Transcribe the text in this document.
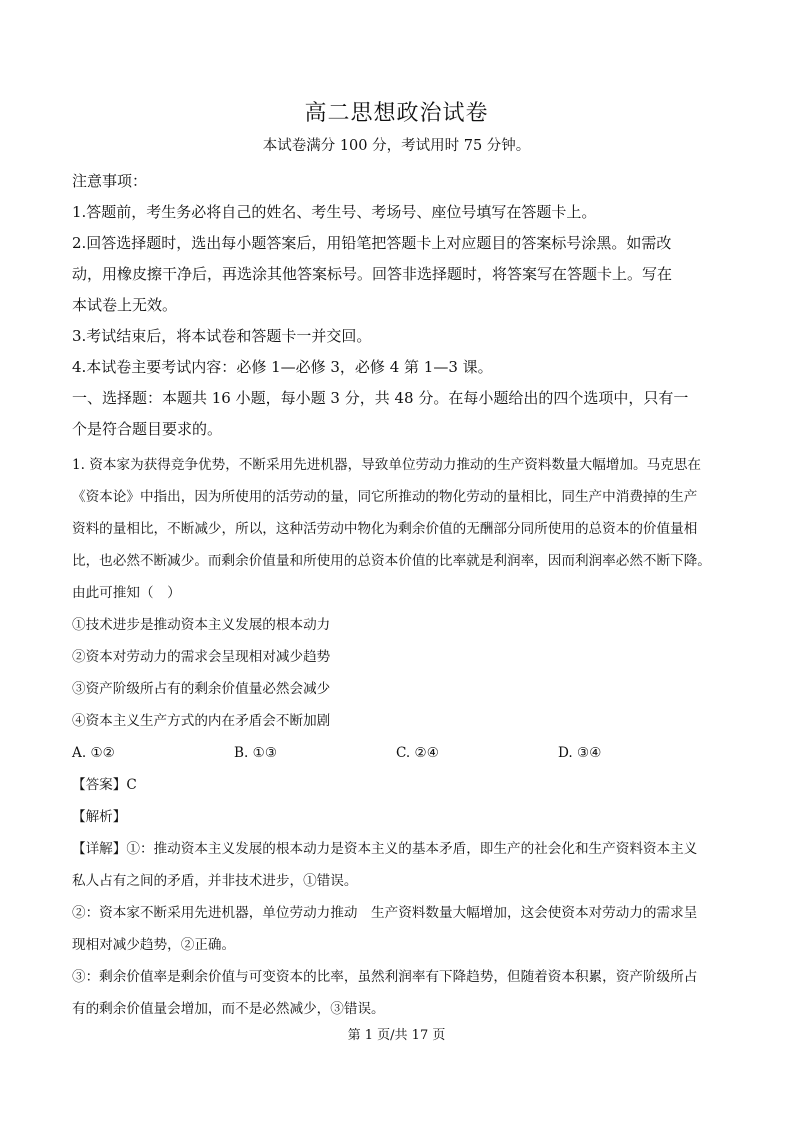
高二思想政治试卷
本试卷满分 100 分，考试用时 75 分钟。
注意事项：
1.答题前，考生务必将自己的姓名、考生号、考场号、座位号填写在答题卡上。
2.回答选择题时，选出每小题答案后，用铅笔把答题卡上对应题目的答案标号涂黑。如需改
动，用橡皮擦干净后，再选涂其他答案标号。回答非选择题时，将答案写在答题卡上。写在
本试卷上无效。
3.考试结束后，将本试卷和答题卡一并交回。
4.本试卷主要考试内容：必修 1—必修 3，必修 4 第 1—3 课。
一、选择题：本题共 16 小题，每小题 3 分，共 48 分。在每小题给出的四个选项中，只有一
个是符合题目要求的。
1. 资本家为获得竞争优势，不断采用先进机器，导致单位劳动力推动的生产资料数量大幅增加。马克思在
《资本论》中指出，因为所使用的活劳动的量，同它所推动的物化劳动的量相比，同生产中消费掉的生产
资料的量相比，不断减少，所以，这种活劳动中物化为剩余价值的无酬部分同所使用的总资本的价值量相
比，也必然不断减少。而剩余价值量和所使用的总资本价值的比率就是利润率，因而利润率必然不断下降。
由此可推知（　）
①技术进步是推动资本主义发展的根本动力
②资本对劳动力的需求会呈现相对减少趋势
③资产阶级所占有的剩余价值量必然会减少
④资本主义生产方式的内在矛盾会不断加剧
A. ①②	B. ①③	C. ②④	D. ③④
【答案】C
【解析】
【详解】①：推动资本主义发展的根本动力是资本主义的基本矛盾，即生产的社会化和生产资料资本主义
私人占有之间的矛盾，并非技术进步，①错误。
②：资本家不断采用先进机器，单位劳动力推动　生产资料数量大幅增加，这会使资本对劳动力的需求呈
现相对减少趋势，②正确。
③：剩余价值率是剩余价值与可变资本的比率，虽然利润率有下降趋势，但随着资本积累，资产阶级所占
有的剩余价值量会增加，而不是必然减少，③错误。
第 1 页/共 17 页
